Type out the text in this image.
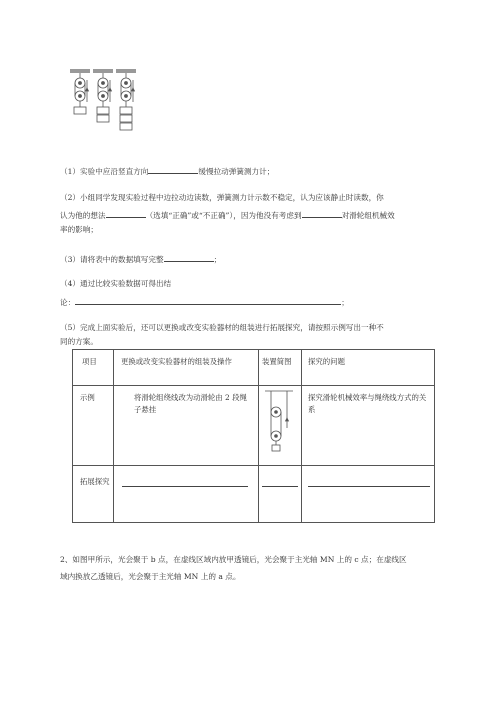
（1）实验中应沿竖直方向	缓慢拉动弹簧测力计；
（2）小组同学发现实验过程中边拉动边读数，弹簧测力计示数不稳定，认为应该静止时读数，你
认为他的想法	（选填“正确”或“不正确”），因为他没有考虑到	对滑轮组机械效
率的影响；
（3）请将表中的数据填写完整	；
（4）通过比较实验数据可得出结
论：	；
（5）完成上面实验后，还可以更换或改变实验器材的组装进行拓展探究，请按照示例写出一种不
同的方案。
项目	更换或改变实验器材的组装及操作	装置简图	探究的问题

示例	将滑轮组绕线改为动滑轮由 2 段绳子悬挂		探究滑轮机械效率与绳绕线方式的关系

拓展探究			

2、如图甲所示，光会聚于 b 点，在虚线区域内放甲透镜后，光会聚于主光轴 MN 上的 c 点；在虚线区
域内换放乙透镜后，光会聚于主光轴 MN 上的 a 点。
